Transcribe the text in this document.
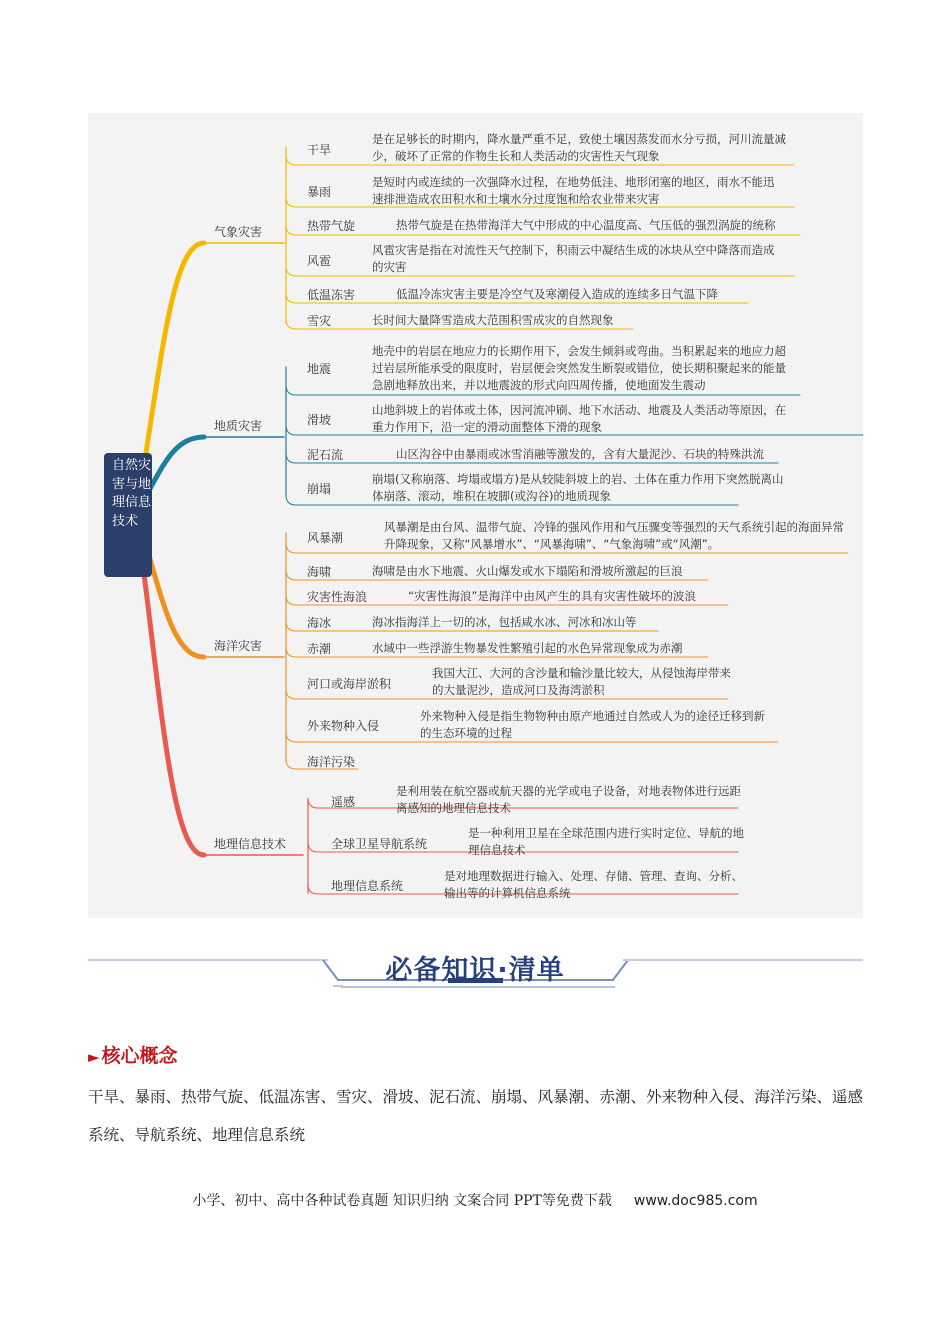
自然灾害与地理信息技术
气象灾害
地质灾害
海洋灾害
地理信息技术
干旱
是在足够长的时期内，降水量严重不足，致使土壤因蒸发而水分亏损，河川流量减少，破坏了正常的作物生长和人类活动的灾害性天气现象
暴雨
是短时内或连续的一次强降水过程，在地势低洼、地形闭塞的地区，雨水不能迅速排泄造成农田积水和土壤水分过度饱和给农业带来灾害
热带气旋	热带气旋是在热带海洋大气中形成的中心温度高、气压低的强烈涡旋的统称
风雹
风雹灾害是指在对流性天气控制下，积雨云中凝结生成的冰块从空中降落而造成的灾害
低温冻害	低温冷冻灾害主要是冷空气及寒潮侵入造成的连续多日气温下降
雪灾	长时间大量降雪造成大范围积雪成灾的自然现象
地震
地壳中的岩层在地应力的长期作用下，会发生倾斜或弯曲。当积累起来的地应力超过岩层所能承受的限度时，岩层便会突然发生断裂或错位，使长期积聚起来的能量急剧地释放出来，并以地震波的形式向四周传播，使地面发生震动
滑坡
山地斜坡上的岩体或土体，因河流冲刷、地下水活动、地震及人类活动等原因，在重力作用下，沿一定的滑动面整体下滑的现象
泥石流	山区沟谷中由暴雨或冰雪消融等激发的，含有大量泥沙、石块的特殊洪流
崩塌
崩塌(又称崩落、垮塌或塌方)是从较陡斜坡上的岩、土体在重力作用下突然脱离山体崩落、滚动，堆积在坡脚(或沟谷)的地质现象
风暴潮
风暴潮是由台风、温带气旋、冷锋的强风作用和气压骤变等强烈的天气系统引起的海面异常升降现象，又称“风暴增水”、“风暴海啸”、“气象海啸”或“风潮”。
海啸	海啸是由水下地震、火山爆发或水下塌陷和滑坡所激起的巨浪
灾害性海浪	“灾害性海浪”是海洋中由风产生的具有灾害性破坏的波浪
海冰	海冰指海洋上一切的冰，包括咸水冰、河冰和冰山等
赤潮	水域中一些浮游生物暴发性繁殖引起的水色异常现象成为赤潮
河口或海岸淤积
我国大江、大河的含沙量和输沙量比较大，从侵蚀海岸带来的大量泥沙，造成河口及海湾淤积
外来物种入侵
外来物种入侵是指生物物种由原产地通过自然或人为的途径迁移到新的生态环境的过程
海洋污染
遥感
是利用装在航空器或航天器的光学或电子设备，对地表物体进行远距离感知的地理信息技术
全球卫星导航系统
是一种利用卫星在全球范围内进行实时定位、导航的地理信息技术
地理信息系统
是对地理数据进行输入、处理、存储、管理、查询、分析、输出等的计算机信息系统
必备知识·清单
► 核心概念
干旱、暴雨、热带气旋、低温冻害、雪灾、滑坡、泥石流、崩塌、风暴潮、赤潮、外来物种入侵、海洋污染、遥感系统、导航系统、地理信息系统
小学、初中、高中各种试卷真题 知识归纳 文案合同 PPT等免费下载 www.doc985.com
